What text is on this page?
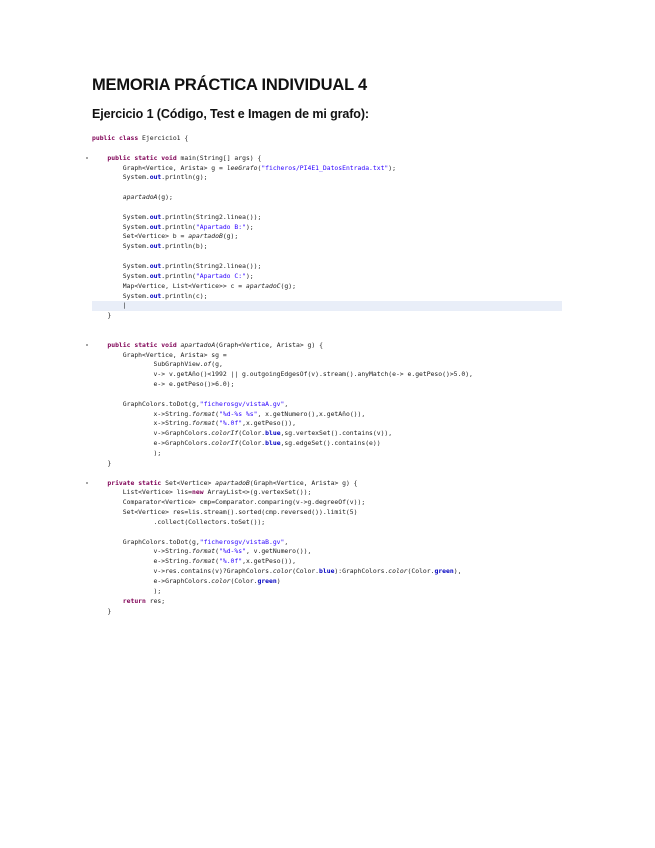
MEMORIA PRÁCTICA INDIVIDUAL 4
Ejercicio 1 (Código, Test e Imagen de mi grafo):
public class Ejercicio1 {
public static void main(String[] args) {
Graph<Vertice, Arista> g = leeGrafo("ficheros/PI4E1_DatosEntrada.txt");
System.out.println(g);
apartadoA(g);
System.out.println(String2.linea());
System.out.println("Apartado B:");
Set<Vertice> b = apartadoB(g);
System.out.println(b);
System.out.println(String2.linea());
System.out.println("Apartado C:");
Map<Vertice, List<Vertice>> c = apartadoC(g);
System.out.println(c);
|
}
public static void apartadoA(Graph<Vertice, Arista> g) {
Graph<Vertice, Arista> sg =
SubGraphView.of(g,
v-> v.getAño()<1992 || g.outgoingEdgesOf(v).stream().anyMatch(e-> e.getPeso()>5.0),
e-> e.getPeso()>6.0);
GraphColors.toDot(g,"ficherosgv/vistaA.gv",
x->String.format("%d-%s %s", x.getNumero(),x.getAño()),
x->String.format("%.0f",x.getPeso()),
v->GraphColors.colorIf(Color.blue,sg.vertexSet().contains(v)),
e->GraphColors.colorIf(Color.blue,sg.edgeSet().contains(e))
);
}
private static Set<Vertice> apartadoB(Graph<Vertice, Arista> g) {
List<Vertice> lis=new ArrayList<>(g.vertexSet());
Comparator<Vertice> cmp=Comparator.comparing(v->g.degreeOf(v));
Set<Vertice> res=lis.stream().sorted(cmp.reversed()).limit(5)
.collect(Collectors.toSet());
GraphColors.toDot(g,"ficherosgv/vistaB.gv",
v->String.format("%d-%s", v.getNumero()),
e->String.format("%.0f",x.getPeso()),
v->res.contains(v)?GraphColors.color(Color.blue):GraphColors.color(Color.green),
e->GraphColors.color(Color.green)
);
return res;
}
